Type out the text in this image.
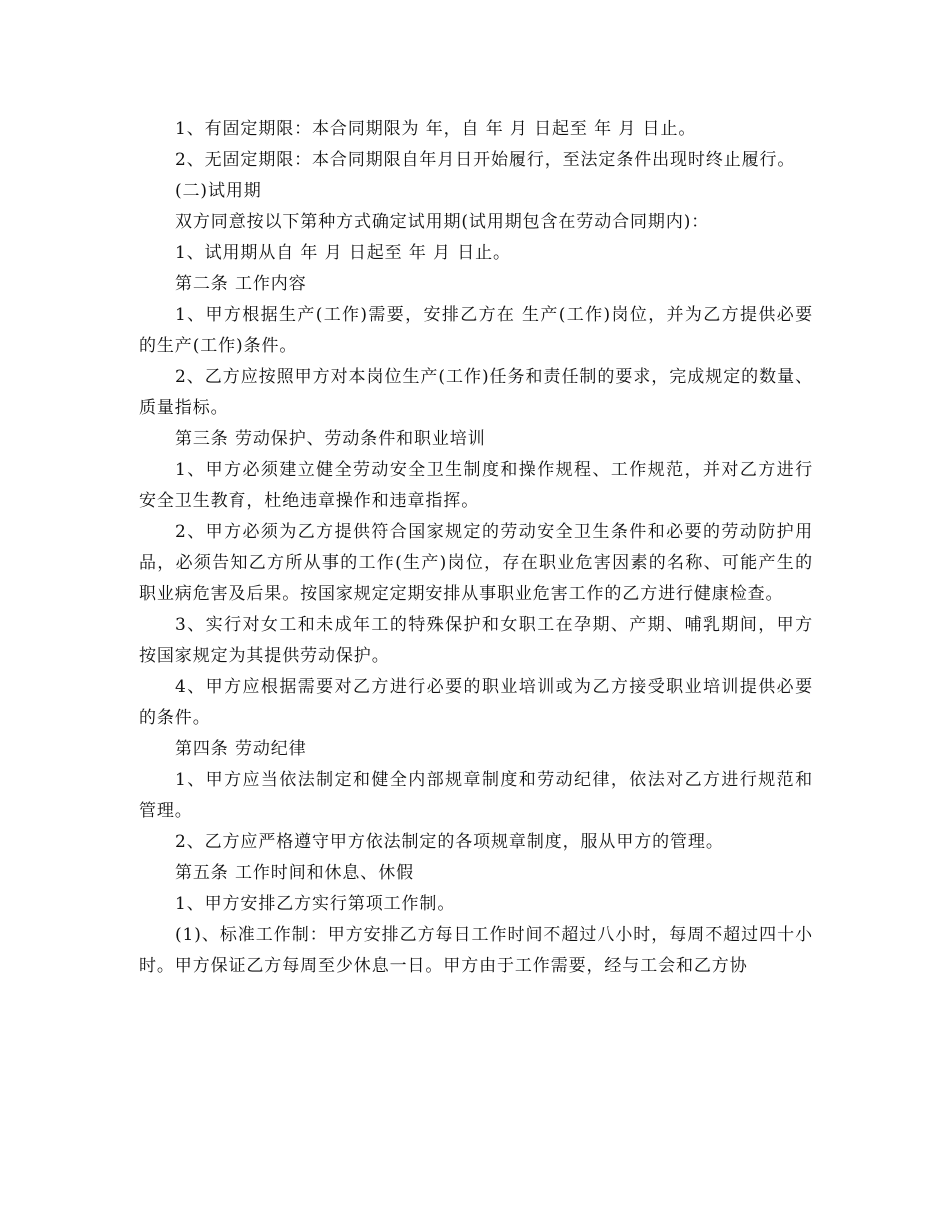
1、有固定期限：本合同期限为 年，自 年 月 日起至 年 月 日止。

2、无固定期限：本合同期限自年月日开始履行，至法定条件出现时终止履行。

(二)试用期

双方同意按以下第种方式确定试用期(试用期包含在劳动合同期内)：

1、试用期从自 年 月 日起至 年 月 日止。

第二条 工作内容

1、甲方根据生产(工作)需要，安排乙方在 生产(工作)岗位，并为乙方提供必要的生产(工作)条件。

2、乙方应按照甲方对本岗位生产(工作)任务和责任制的要求，完成规定的数量、质量指标。

第三条 劳动保护、劳动条件和职业培训

1、甲方必须建立健全劳动安全卫生制度和操作规程、工作规范，并对乙方进行安全卫生教育，杜绝违章操作和违章指挥。

2、甲方必须为乙方提供符合国家规定的劳动安全卫生条件和必要的劳动防护用品，必须告知乙方所从事的工作(生产)岗位，存在职业危害因素的名称、可能产生的职业病危害及后果。按国家规定定期安排从事职业危害工作的乙方进行健康检查。

3、实行对女工和未成年工的特殊保护和女职工在孕期、产期、哺乳期间，甲方按国家规定为其提供劳动保护。

4、甲方应根据需要对乙方进行必要的职业培训或为乙方接受职业培训提供必要的条件。

第四条 劳动纪律

1、甲方应当依法制定和健全内部规章制度和劳动纪律，依法对乙方进行规范和管理。

2、乙方应严格遵守甲方依法制定的各项规章制度，服从甲方的管理。

第五条 工作时间和休息、休假

1、甲方安排乙方实行第项工作制。

(1)、标准工作制：甲方安排乙方每日工作时间不超过八小时，每周不超过四十小时。甲方保证乙方每周至少休息一日。甲方由于工作需要，经与工会和乙方协
